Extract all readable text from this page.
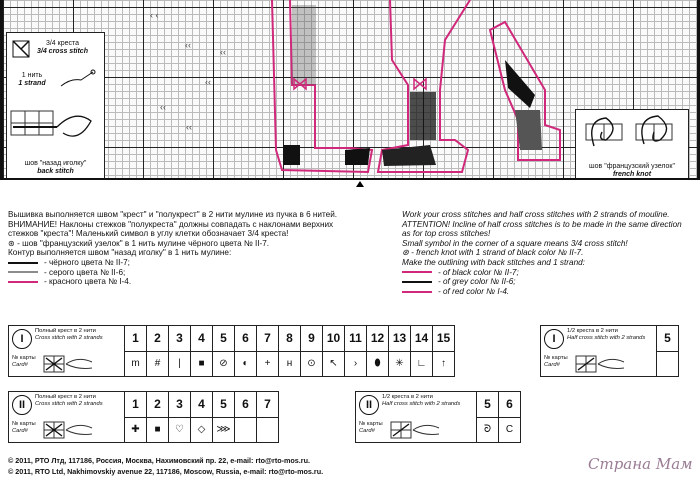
‹ ‹
‹‹
‹‹
‹‹
‹‹
‹‹
3/4 креста
3/4 cross stitch
1 нить
1 strand
шов "назад иголку"
back stitch
шов "французский узелок"
french knot
Вышивка выполняется швом "крест" и "полукрест" в 2 нити мулине из пучка в 6 нитей.
ВНИМАНИЕ! Наклоны стежков "полукреста" должны совпадать с наклонами верхних
стежков "креста"! Маленький символ в углу клетки обозначает 3/4 креста!
⊛ - шов "французский узелок" в 1 нить мулине чёрного цвета № II-7.
Контур выполняется швом "назад иголку" в 1 нить мулине:
- чёрного цвета № II-7;
- серого цвета № II-6;
- красного цвета № I-4.
Work your cross stitches and half cross stitches with 2 strands of mouline.
ATTENTION! Incline of half cross stitches is to be made in the same direction
as for top cross stitches!
Small symbol in the corner of a square means 3/4 cross stitch!
⊛ - french knot with 1 strand of black color № II-7.
Make the outlining with back stitches and 1 strand:
- of black color № II-7;
- of grey color № II-6;
- of red color № I-4.
I
Полный крест в 2 нити
Cross stitch with 2 strands
№ карты
Card#	1	2	3	4	5	6	7	8	9	10	11	12	13	14	15
	m	#	|	■	⊘	◐	+	н	⊙	↖	›	⬮	✳	∟	↑
I
1/2 креста в 2 нити
Half cross stitch with 2 strands
№ карты
Card#
	5

II
Полный крест в 2 нити
Cross stitch with 2 strands
№ карты
Card#	1	2	3	4	5	6	7
	✚	■	♡	◇	⋙		
II
1/2 креста в 2 нити
Half cross stitch with 2 strands
№ карты
Card#	5	6
	ᘐ	C
© 2011, РТО Лтд, 117186, Россия, Москва, Нахимовский пр. 22, e-mail: rto@rto-mos.ru.
© 2011, RTO Ltd, Nakhimovskiy avenue 22, 117186, Moscow, Russia, e-mail: rto@rto-mos.ru.	Страна Мам
